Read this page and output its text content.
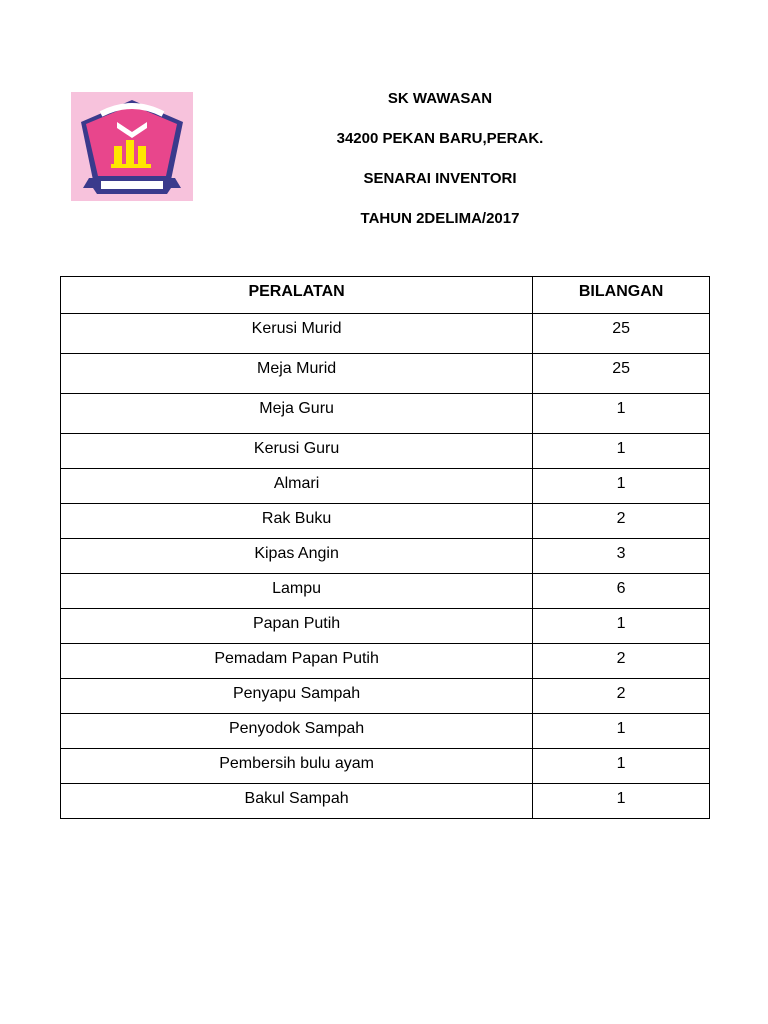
SK WAWASAN
34200 PEKAN BARU,PERAK.
SENARAI INVENTORI
TAHUN 2DELIMA/2017
PERALATAN	BILANGAN
Kerusi Murid	25
Meja Murid	25
Meja Guru	1
Kerusi Guru	1
Almari	1
Rak Buku	2
Kipas Angin	3
Lampu	6
Papan Putih	1
Pemadam Papan Putih	2
Penyapu Sampah	2
Penyodok Sampah	1
Pembersih bulu ayam	1
Bakul Sampah	1
